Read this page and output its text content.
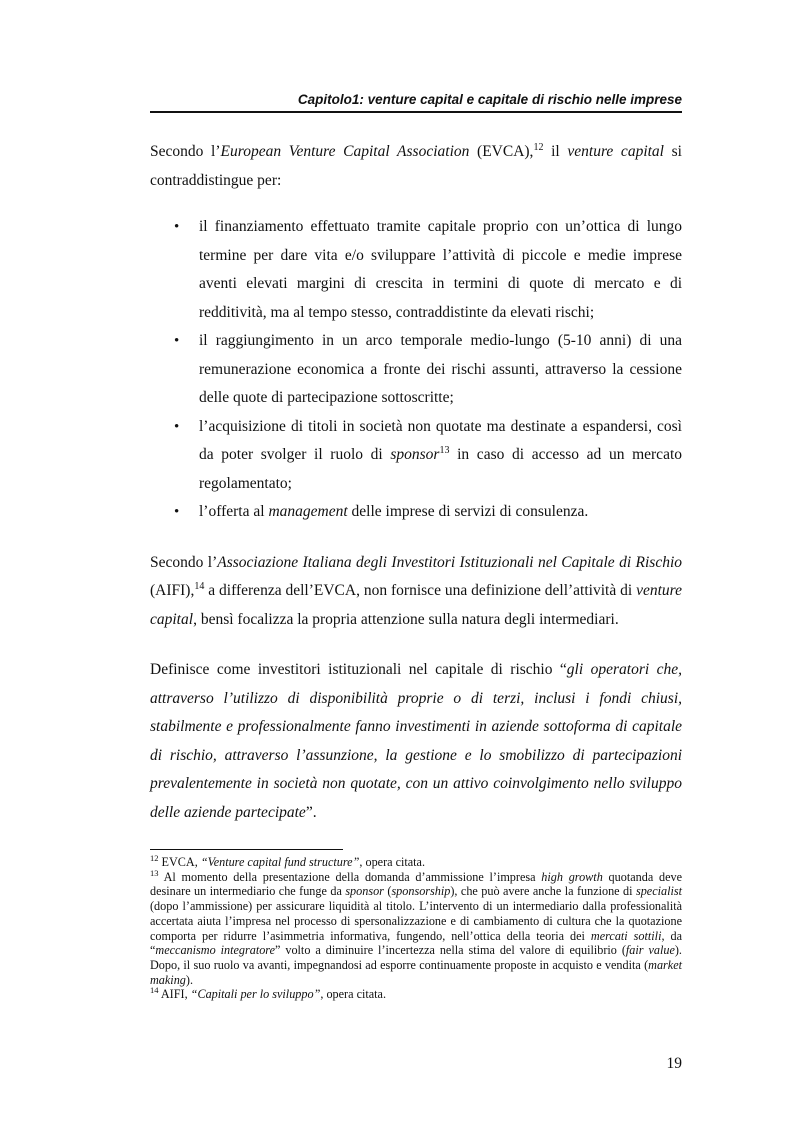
Capitolo1: venture capital e capitale di rischio nelle imprese

Secondo l’European Venture Capital Association (EVCA),$^{12}$ il venture capital si contraddistingue per:

• il finanziamento effettuato tramite capitale proprio con un’ottica di lungo termine per dare vita e/o sviluppare l’attività di piccole e medie imprese aventi elevati margini di crescita in termini di quote di mercato e di redditività, ma al tempo stesso, contraddistinte da elevati rischi;
• il raggiungimento in un arco temporale medio-lungo (5-10 anni) di una remunerazione economica a fronte dei rischi assunti, attraverso la cessione delle quote di partecipazione sottoscritte;
• l’acquisizione di titoli in società non quotate ma destinate a espandersi, così da poter svolger il ruolo di sponsor$^{13}$ in caso di accesso ad un mercato regolamentato;
• l’offerta al management delle imprese di servizi di consulenza.

Secondo l’Associazione Italiana degli Investitori Istituzionali nel Capitale di Rischio (AIFI),$^{14}$ a differenza dell’EVCA, non fornisce una definizione dell’attività di venture capital, bensì focalizza la propria attenzione sulla natura degli intermediari.

Definisce come investitori istituzionali nel capitale di rischio “gli operatori che, attraverso l’utilizzo di disponibilità proprie o di terzi, inclusi i fondi chiusi, stabilmente e professionalmente fanno investimenti in aziende sottoforma di capitale di rischio, attraverso l’assunzione, la gestione e lo smobilizzo di partecipazioni prevalentemente in società non quotate, con un attivo coinvolgimento nello sviluppo delle aziende partecipate”.

$^{12}$ EVCA, “Venture capital fund structure”, opera citata.

$^{13}$ Al momento della presentazione della domanda d’ammissione l’impresa high growth quotanda deve desinare un intermediario che funge da sponsor (sponsorship), che può avere anche la funzione di specialist (dopo l’ammissione) per assicurare liquidità al titolo. L’intervento di un intermediario dalla professionalità accertata aiuta l’impresa nel processo di spersonalizzazione e di cambiamento di cultura che la quotazione comporta per ridurre l’asimmetria informativa, fungendo, nell’ottica della teoria dei mercati sottili, da “meccanismo integratore” volto a diminuire l’incertezza nella stima del valore di equilibrio (fair value). Dopo, il suo ruolo va avanti, impegnandosi ad esporre continuamente proposte in acquisto e vendita (market making).

$^{14}$ AIFI, “Capitali per lo sviluppo”, opera citata.

19
